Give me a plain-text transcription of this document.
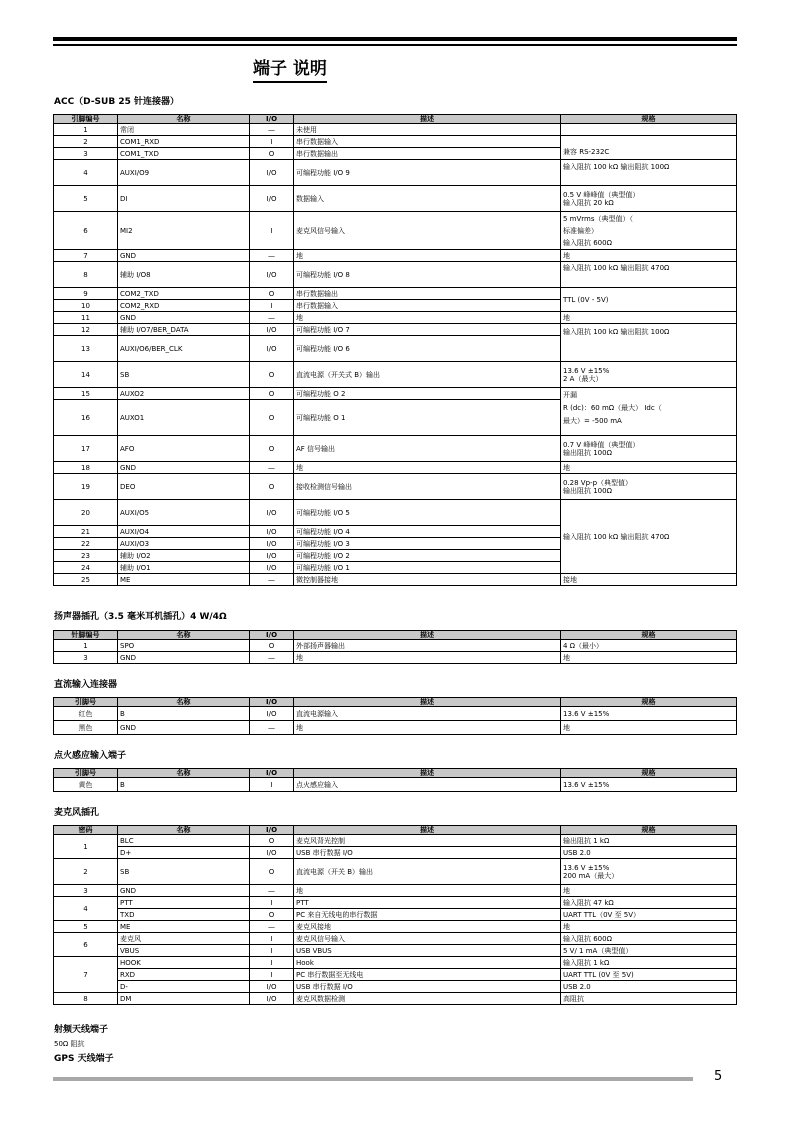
端子 说明
ACC（D-SUB 25 针连接器）
引脚编号	名称	I/O	描述	规格
1	常闭	—	未使用	
2	COM1_RXD	I	串行数据输入	兼容 RS-232C
3	COM1_TXD	O	串行数据输出	
4	AUXI/O9	I/O	可编程功能 I/O 9	输入阻抗 100 kΩ 输出阻抗 100Ω
5	DI	I/O	数据输入	0.5 V 峰峰值（典型值）
输入阻抗 20 kΩ

6	MI2	I	麦克风信号输入	5 mVrms（典型值）（
标准偏差）
输入阻抗 600Ω

7	GND	—	地	地
8	辅助 I/O8	I/O	可编程功能 I/O 8	输入阻抗 100 kΩ 输出阻抗 470Ω
9	COM2_TXD	O	串行数据输出	TTL (0V - 5V)
10	COM2_RXD	I	串行数据输入	
11	GND	—	地	地
12	辅助 I/O7/BER_DATA	I/O	可编程功能 I/O 7	输入阻抗 100 kΩ 输出阻抗 100Ω
13	AUXI/O6/BER_CLK	I/O	可编程功能 I/O 6	
14	SB	O	直流电源（开关式 B）输出	13.6 V ±15%
2 A（最大）

15	AUXO2	O	可编程功能 O 2	开漏
R (dc)：60 mΩ（最大） Idc（
最大）= -500 mA

16	AUXO1	O	可编程功能 O 1	
17	AFO	O	AF 信号输出	0.7 V 峰峰值（典型值）
输出阻抗 100Ω

18	GND	—	地	地
19	DEO	O	接收检测信号输出	0.28 Vp-p（典型值）
输出阻抗 100Ω

20	AUXI/O5	I/O	可编程功能 I/O 5	输入阻抗 100 kΩ 输出阻抗 470Ω
21	AUXI/O4	I/O	可编程功能 I/O 4	
22	AUXI/O3	I/O	可编程功能 I/O 3	
23	辅助 I/O2	I/O	可编程功能 I/O 2	
24	辅助 I/O1	I/O	可编程功能 I/O 1	
25	ME	—	微控制器接地	接地
扬声器插孔（3.5 毫米耳机插孔）4 W/4Ω
针脚编号	名称	I/O	描述	规格
1	SPO	O	外部扬声器输出	4 Ω（最小）
3	GND	—	地	地
直流输入连接器
引脚号	名称	I/O	描述	规格
红色	B	I/O	直流电源输入	13.6 V ±15%
黑色	GND	—	地	地
点火感应输入端子
引脚号	名称	I/O	描述	规格
黄色	B	I	点火感应输入	13.6 V ±15%
麦克风插孔
密码	名称	I/O	描述	规格
1	BLC	O	麦克风背光控制	输出阻抗 1 kΩ
	D+	I/O	USB 串行数据 I/O	USB 2.0
2	SB	O	直流电源（开关 B）输出	13.6 V ±15%
200 mA（最大）

3	GND	—	地	地
4	PTT	I	PTT	输入阻抗 47 kΩ
	TXD	O	PC 来自无线电的串行数据	UART TTL（0V 至 5V）
5	ME	—	麦克风接地	地
6	麦克风	I	麦克风信号输入	输入阻抗 600Ω
	VBUS	I	USB VBUS	5 V/ 1 mA（典型值）
7	HOOK	I	Hook	输入阻抗 1 kΩ
	RXD	I	PC 串行数据至无线电	UART TTL (0V 至 5V)
	D-	I/O	USB 串行数据 I/O	USB 2.0
8	DM	I/O	麦克风数据检测	高阻抗
射频天线端子
50Ω 阻抗
GPS 天线端子
5
